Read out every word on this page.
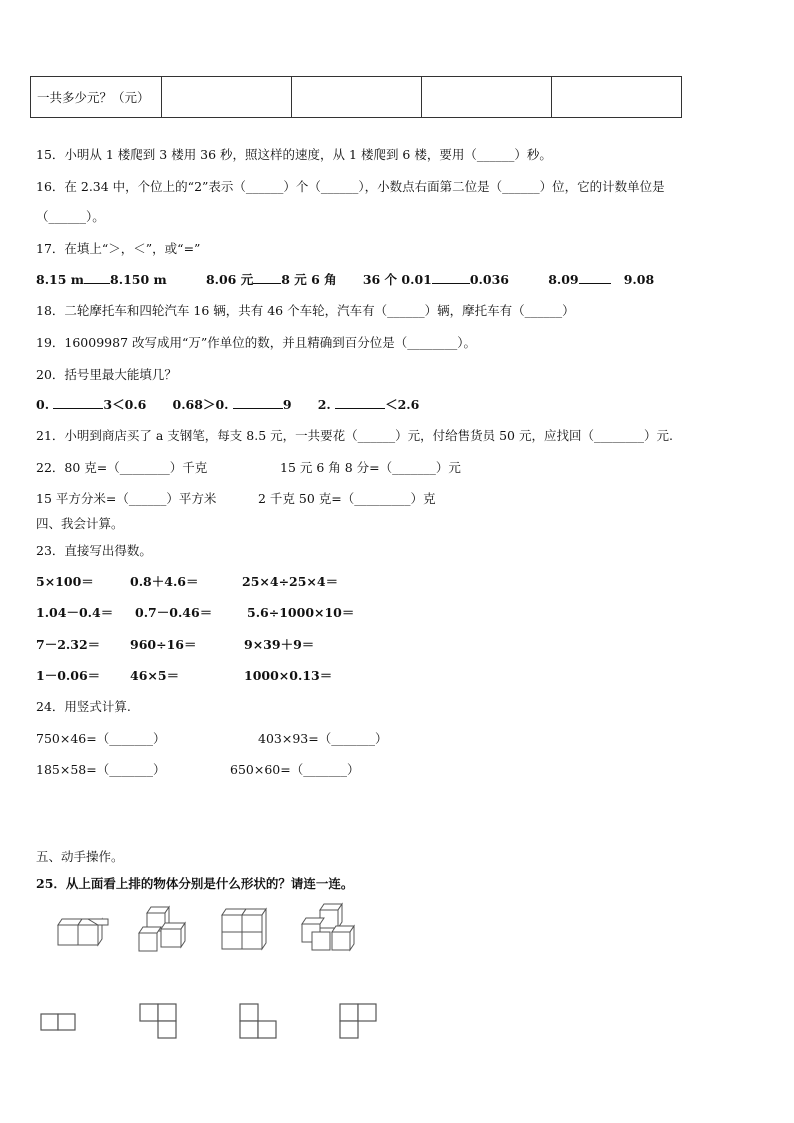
一共多少元？（元）				
15．小明从 1 楼爬到 3 楼用 36 秒，照这样的速度，从 1 楼爬到 6 楼，要用（______）秒。
16．在 2.34 中，个位上的“2”表示（______）个（______），小数点右面第二位是（______）位，它的计数单位是
（______）。
17．在填上“＞，＜”，或“=”
8.15 m 8.150 m	8.06 元 8 元 6 角 36 个 0.01	0.036	8.09	9.08
18．二轮摩托车和四轮汽车 16 辆，共有 46 个车轮，汽车有（______）辆，摩托车有（______）
19．16009987 改写成用“万”作单位的数，并且精确到百分位是（________）。
20．括号里最大能填几？
0.	3＜0.6 0.68＞0.	9 2.	＜2.6
21．小明到商店买了 a 支钢笔，每支 8.5 元，一共要花（______）元，付给售货员 50 元，应找回（________）元.
22．80 克=（________）千克	15 元 6 角 8 分=（_______）元
15 平方分米=（______）平方米	2 千克 50 克=（_________）克
四、我会计算。
23．直接写出得数。
5×100＝	0.8＋4.6＝	25×4÷25×4＝
1.04－0.4＝ 0.7－0.46＝	5.6÷1000×10＝
7－2.32＝ 960÷16＝	9×39＋9＝
1－0.06＝ 46×5＝	1000×0.13＝
24．用竖式计算.
750×46=（_______）	403×93=（_______）
185×58=（_______）	650×60=（_______）
五、动手操作。
25．从上面看上排的物体分别是什么形状的？请连一连。
